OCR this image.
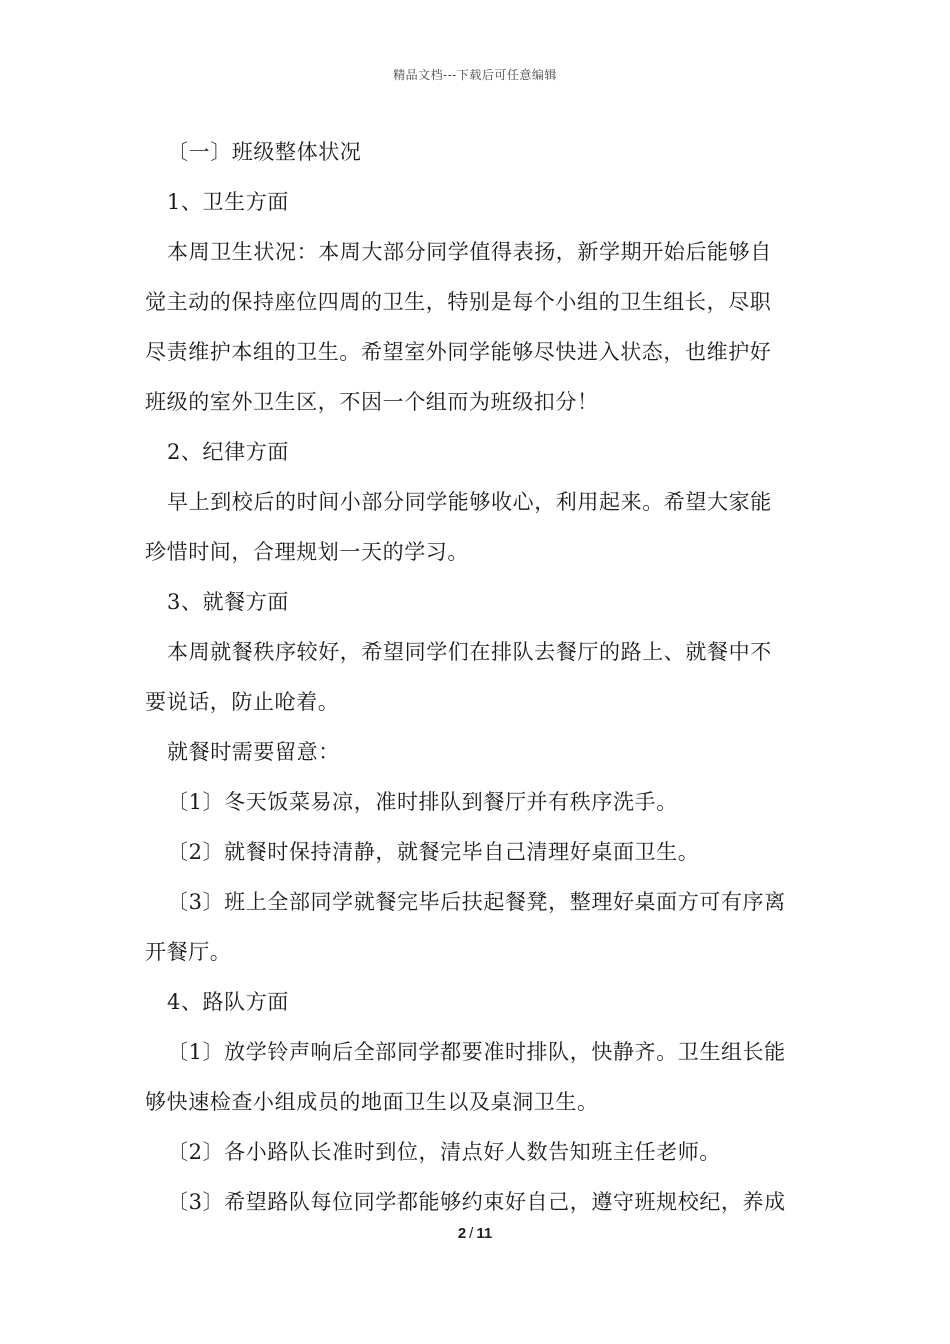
精品文档---下载后可任意编辑
〔一〕班级整体状况
1、卫生方面
本周卫生状况：本周大部分同学值得表扬，新学期开始后能够自
觉主动的保持座位四周的卫生，特别是每个小组的卫生组长，尽职
尽责维护本组的卫生。希望室外同学能够尽快进入状态，也维护好
班级的室外卫生区，不因一个组而为班级扣分！
2、纪律方面
早上到校后的时间小部分同学能够收心，利用起来。希望大家能
珍惜时间，合理规划一天的学习。
3、就餐方面
本周就餐秩序较好，希望同学们在排队去餐厅的路上、就餐中不
要说话，防止呛着。
就餐时需要留意：
〔1〕冬天饭菜易凉，准时排队到餐厅并有秩序洗手。
〔2〕就餐时保持清静，就餐完毕自己清理好桌面卫生。
〔3〕班上全部同学就餐完毕后扶起餐凳，整理好桌面方可有序离
开餐厅。
4、路队方面
〔1〕放学铃声响后全部同学都要准时排队，快静齐。卫生组长能
够快速检查小组成员的地面卫生以及桌洞卫生。
〔2〕各小路队长准时到位，清点好人数告知班主任老师。
〔3〕希望路队每位同学都能够约束好自己，遵守班规校纪，养成
2 / 11
